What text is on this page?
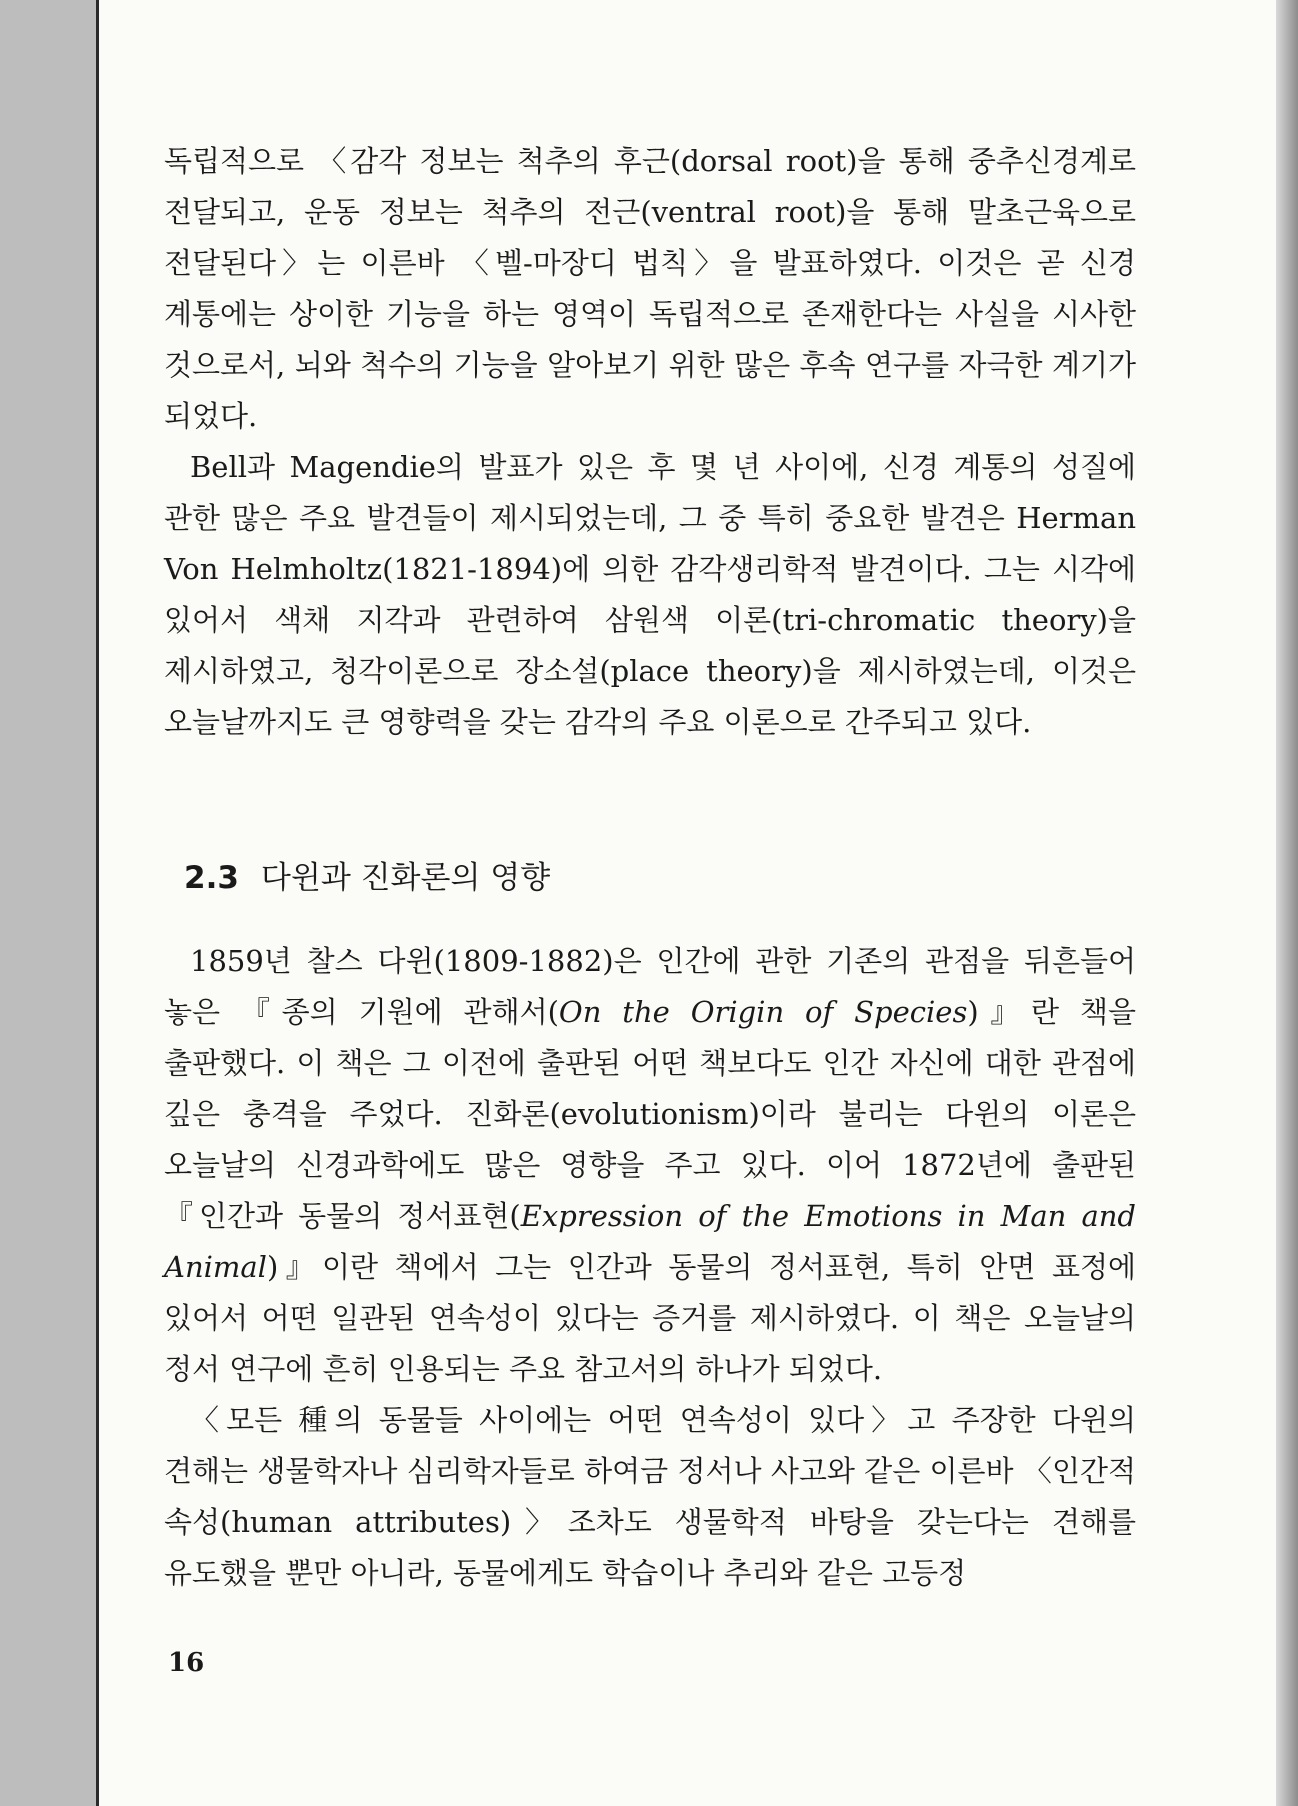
독립적으로 〈감각 정보는 척추의 후근(dorsal root)을 통해 중추신경계로 전달되고, 운동 정보는 척추의 전근(ventral root)을 통해 말초근육으로 전달된다〉는 이른바 〈벨-마장디 법칙〉을 발표하였다. 이것은 곧 신경 계통에는 상이한 기능을 하는 영역이 독립적으로 존재한다는 사실을 시사한 것으로서, 뇌와 척수의 기능을 알아보기 위한 많은 후속 연구를 자극한 계기가 되었다.

Bell과 Magendie의 발표가 있은 후 몇 년 사이에, 신경 계통의 성질에 관한 많은 주요 발견들이 제시되었는데, 그 중 특히 중요한 발견은 Herman Von Helmholtz(1821-1894)에 의한 감각생리학적 발견이다. 그는 시각에 있어서 색채 지각과 관련하여 삼원색 이론(tri-chromatic theory)을 제시하였고, 청각이론으로 장소설(place theory)을 제시하였는데, 이것은 오늘날까지도 큰 영향력을 갖는 감각의 주요 이론으로 간주되고 있다.

2.3 다윈과 진화론의 영향

1859년 찰스 다윈(1809-1882)은 인간에 관한 기존의 관점을 뒤흔들어 놓은 『종의 기원에 관해서(On the Origin of Species)』란 책을 출판했다. 이 책은 그 이전에 출판된 어떤 책보다도 인간 자신에 대한 관점에 깊은 충격을 주었다. 진화론(evolutionism)이라 불리는 다윈의 이론은 오늘날의 신경과학에도 많은 영향을 주고 있다. 이어 1872년에 출판된 『인간과 동물의 정서표현(Expression of the Emotions in Man and Animal)』이란 책에서 그는 인간과 동물의 정서표현, 특히 안면 표정에 있어서 어떤 일관된 연속성이 있다는 증거를 제시하였다. 이 책은 오늘날의 정서 연구에 흔히 인용되는 주요 참고서의 하나가 되었다.

〈모든 種의 동물들 사이에는 어떤 연속성이 있다〉고 주장한 다윈의 견해는 생물학자나 심리학자들로 하여금 정서나 사고와 같은 이른바 〈인간적 속성(human attributes)〉조차도 생물학적 바탕을 갖는다는 견해를 유도했을 뿐만 아니라, 동물에게도 학습이나 추리와 같은 고등정

16
